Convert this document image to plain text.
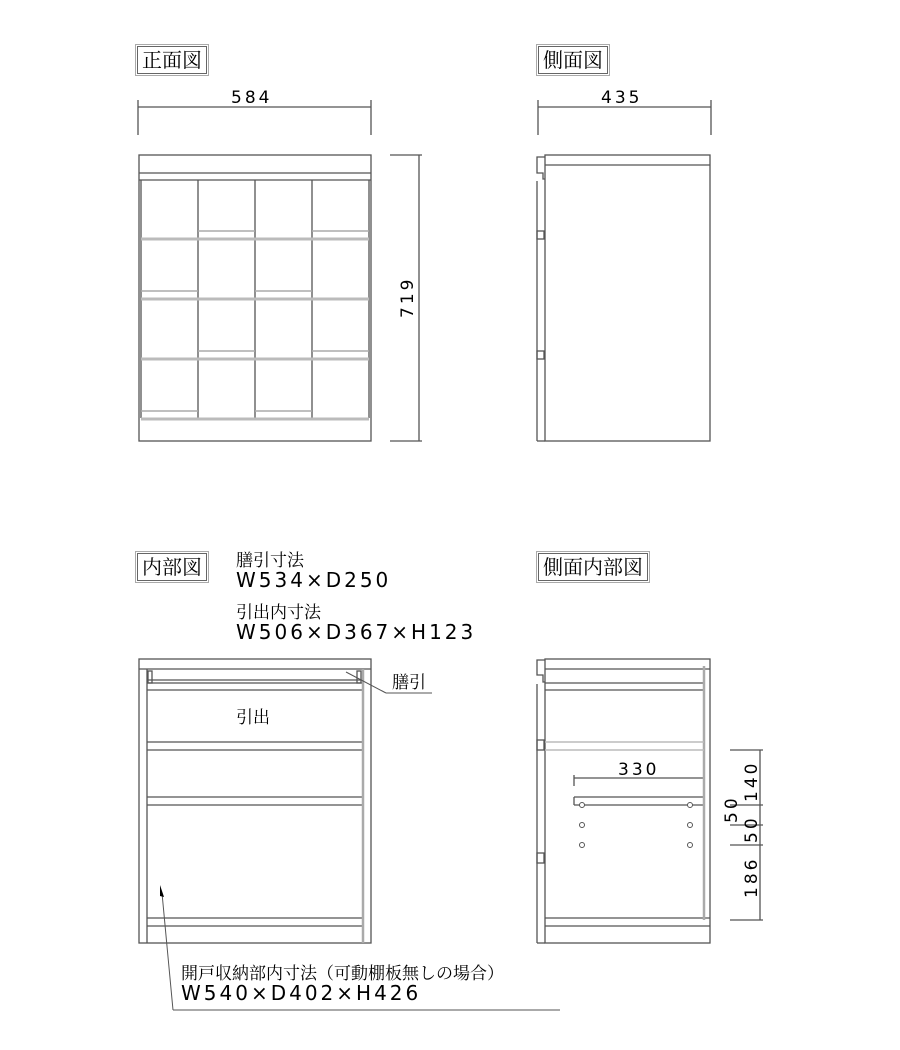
正面図
584
719
側面図
435
内部図 膳引寸法
W534×D250
引出内寸法
W506×D367×H123
膳引
引出
開戸収納部内寸法（可動棚板無しの場合）
W540×D402×H426
側面内部図
330	140
50
50
186
